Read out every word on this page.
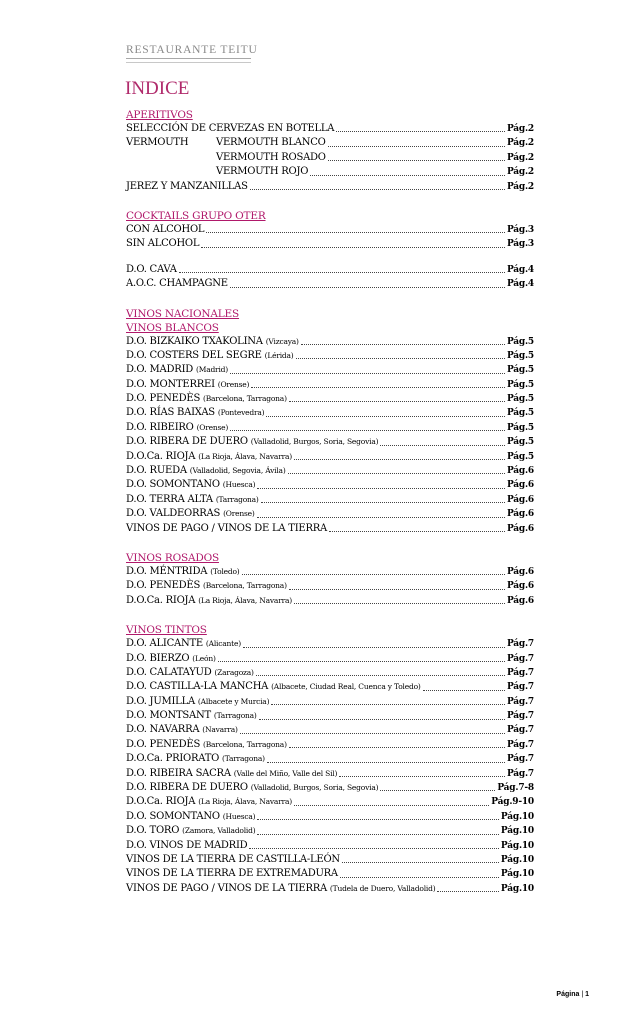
RESTAURANTE TEITU
INDICE
APERITIVOS
SELECCIÓN DE CERVEZAS EN BOTELLA	Pág.2
VERMOUTH	VERMOUTH BLANCO	Pág.2
VERMOUTH ROSADO	Pág.2
VERMOUTH ROJO	Pág.2
JEREZ Y MANZANILLAS	Pág.2
COCKTAILS GRUPO OTER
CON ALCOHOL	Pág.3
SIN ALCOHOL	Pág.3
D.O. CAVA	Pág.4
A.O.C. CHAMPAGNE	Pág.4
VINOS NACIONALES
VINOS BLANCOS
D.O. BIZKAIKO TXAKOLINA (Vizcaya)	Pág.5
D.O. COSTERS DEL SEGRE (Lérida)	Pág.5
D.O. MADRID (Madrid)	Pág.5
D.O. MONTERREI (Orense)	Pág.5
D.O. PENEDÈS (Barcelona, Tarragona)	Pág.5
D.O. RÍAS BAIXAS (Pontevedra)	Pág.5
D.O. RIBEIRO (Orense)	Pág.5
D.O. RIBERA DE DUERO (Valladolid, Burgos, Soria, Segovia)	Pág.5
D.O.Ca. RIOJA (La Rioja, Álava, Navarra)	Pág.5
D.O. RUEDA (Valladolid, Segovia, Ávila)	Pág.6
D.O. SOMONTANO (Huesca)	Pág.6
D.O. TERRA ALTA (Tarragona)	Pág.6
D.O. VALDEORRAS (Orense)	Pág.6
VINOS DE PAGO / VINOS DE LA TIERRA	Pág.6
VINOS ROSADOS
D.O. MÉNTRIDA (Toledo)	Pág.6
D.O. PENEDÈS (Barcelona, Tarragona)	Pág.6
D.O.Ca. RIOJA (La Rioja, Álava, Navarra)	Pág.6
VINOS TINTOS
D.O. ALICANTE (Alicante)	Pág.7
D.O. BIERZO (León)	Pág.7
D.O. CALATAYUD (Zaragoza)	Pág.7
D.O. CASTILLA-LA MANCHA (Albacete, Ciudad Real, Cuenca y Toledo)	Pág.7
D.O. JUMILLA (Albacete y Murcia)	Pág.7
D.O. MONTSANT (Tarragona)	Pág.7
D.O. NAVARRA (Navarra)	Pág.7
D.O. PENEDÈS (Barcelona, Tarragona)	Pág.7
D.O.Ca. PRIORATO (Tarragona)	Pág.7
D.O. RIBEIRA SACRA (Valle del Miño, Valle del Sil)	Pág.7
D.O. RIBERA DE DUERO (Valladolid, Burgos, Soria, Segovia)	Pág.7-8
D.O.Ca. RIOJA (La Rioja, Álava, Navarra)	Pág.9-10
D.O. SOMONTANO (Huesca)	Pág.10
D.O. TORO (Zamora, Valladolid)	Pág.10
D.O. VINOS DE MADRID	Pág.10
VINOS DE LA TIERRA DE CASTILLA-LEÓN	Pág.10
VINOS DE LA TIERRA DE EXTREMADURA	Pág.10
VINOS DE PAGO / VINOS DE LA TIERRA (Tudela de Duero, Valladolid)	Pág.10
Página | 1
